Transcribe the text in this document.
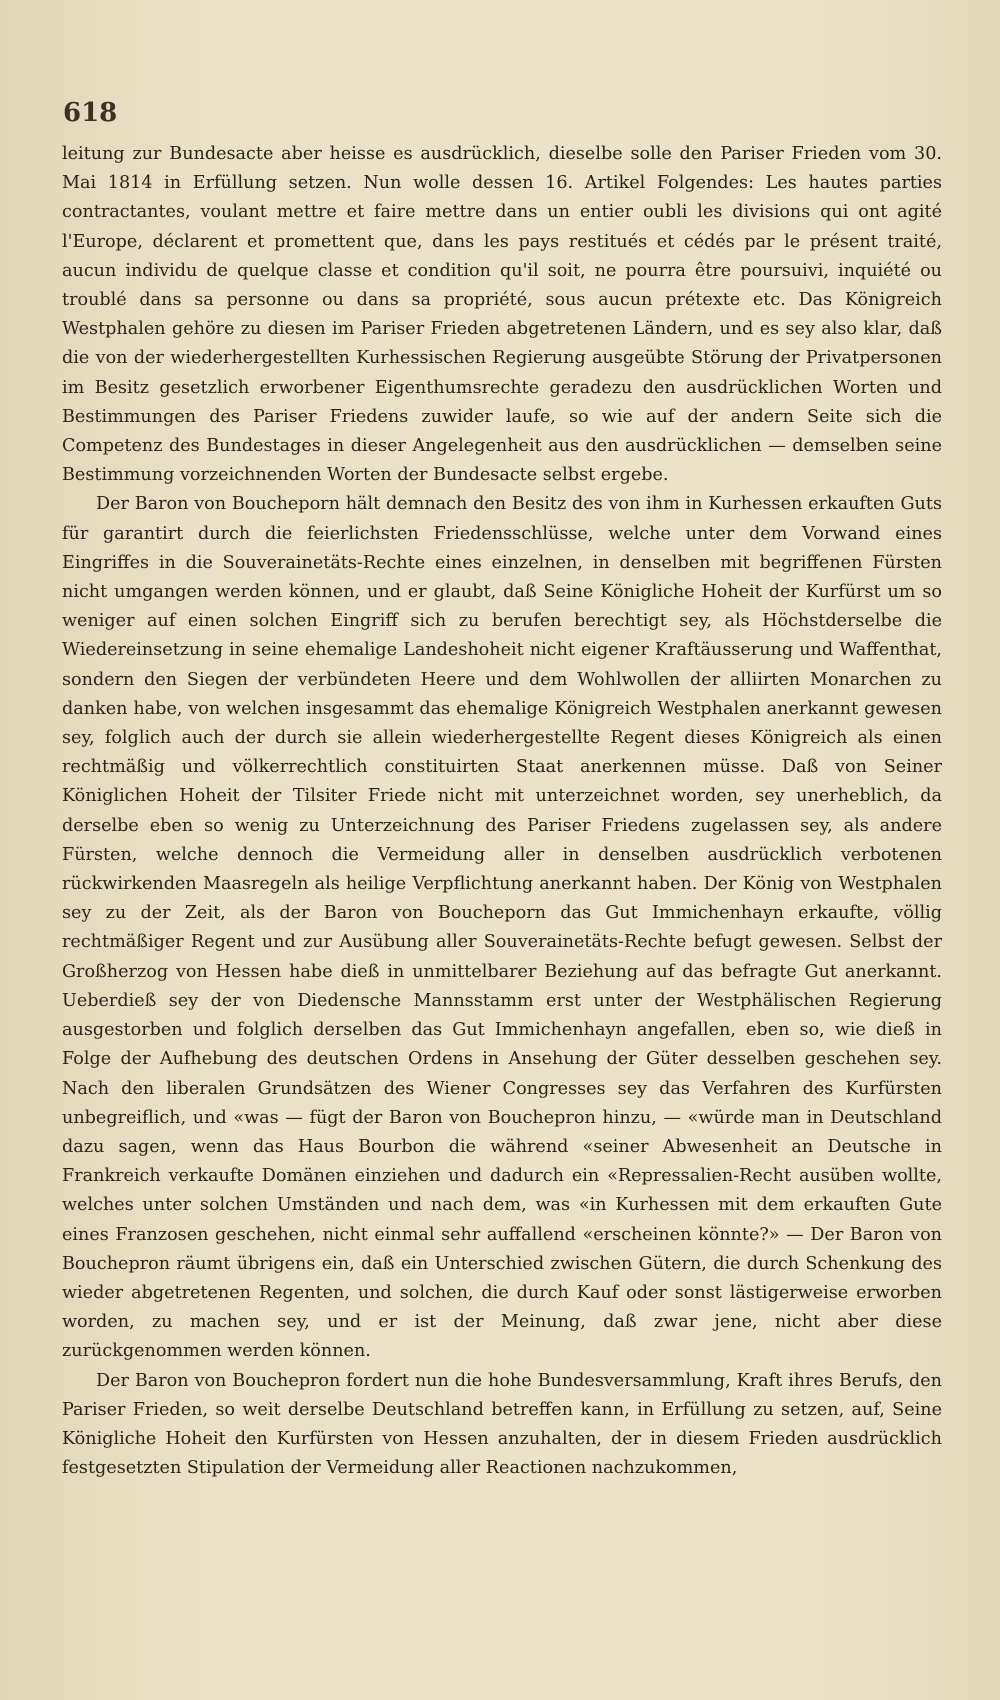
618

leitung zur Bundesacte aber heisse es ausdrücklich, dieselbe solle den Pariser Frieden vom 30. Mai 1814 in Erfüllung setzen. Nun wolle dessen 16. Artikel Folgendes: Les hautes parties contractantes, voulant mettre et faire mettre dans un entier oubli les divisions qui ont agité l'Europe, déclarent et promettent que, dans les pays restitués et cédés par le présent traité, aucun individu de quelque classe et condition qu'il soit, ne pourra être poursuivi, inquiété ou troublé dans sa personne ou dans sa propriété, sous aucun prétexte etc. Das Königreich Westphalen gehöre zu diesen im Pariser Frieden abgetretenen Ländern, und es sey also klar, daß die von der wiederhergestellten Kurhessischen Regierung ausgeübte Störung der Privatpersonen im Besitz gesetzlich erworbener Eigenthumsrechte geradezu den ausdrücklichen Worten und Bestimmungen des Pariser Friedens zuwider laufe, so wie auf der andern Seite sich die Competenz des Bundestages in dieser Angelegenheit aus den ausdrücklichen — demselben seine Bestimmung vorzeichnenden Worten der Bundesacte selbst ergebe.

Der Baron von Boucheporn hält demnach den Besitz des von ihm in Kurhessen erkauften Guts für garantirt durch die feierlichsten Friedensschlüsse, welche unter dem Vorwand eines Eingriffes in die Souverainetäts-Rechte eines einzelnen, in denselben mit begriffenen Fürsten nicht umgangen werden können, und er glaubt, daß Seine Königliche Hoheit der Kurfürst um so weniger auf einen solchen Eingriff sich zu berufen berechtigt sey, als Höchstderselbe die Wiedereinsetzung in seine ehemalige Landeshoheit nicht eigener Kraftäusserung und Waffenthat, sondern den Siegen der verbündeten Heere und dem Wohlwollen der alliirten Monarchen zu danken habe, von welchen insgesammt das ehemalige Königreich Westphalen anerkannt gewesen sey, folglich auch der durch sie allein wiederhergestellte Regent dieses Königreich als einen rechtmäßig und völkerrechtlich constituirten Staat anerkennen müsse. Daß von Seiner Königlichen Hoheit der Tilsiter Friede nicht mit unterzeichnet worden, sey unerheblich, da derselbe eben so wenig zu Unterzeichnung des Pariser Friedens zugelassen sey, als andere Fürsten, welche dennoch die Vermeidung aller in denselben ausdrücklich verbotenen rückwirkenden Maasregeln als heilige Verpflichtung anerkannt haben. Der König von Westphalen sey zu der Zeit, als der Baron von Boucheporn das Gut Immichenhayn erkaufte, völlig rechtmäßiger Regent und zur Ausübung aller Souverainetäts-Rechte befugt gewesen. Selbst der Großherzog von Hessen habe dieß in unmittelbarer Beziehung auf das befragte Gut anerkannt. Ueberdieß sey der von Diedensche Mannsstamm erst unter der Westphälischen Regierung ausgestorben und folglich derselben das Gut Immichenhayn angefallen, eben so, wie dieß in Folge der Aufhebung des deutschen Ordens in Ansehung der Güter desselben geschehen sey. Nach den liberalen Grundsätzen des Wiener Congresses sey das Verfahren des Kurfürsten unbegreiflich, und «was — fügt der Baron von Bouchepron hinzu, — «würde man in Deutschland dazu sagen, wenn das Haus Bourbon die während «seiner Abwesenheit an Deutsche in Frankreich verkaufte Domänen einziehen und dadurch ein «Repressalien-Recht ausüben wollte, welches unter solchen Umständen und nach dem, was «in Kurhessen mit dem erkauften Gute eines Franzosen geschehen, nicht einmal sehr auffallend «erscheinen könnte?» — Der Baron von Bouchepron räumt übrigens ein, daß ein Unterschied zwischen Gütern, die durch Schenkung des wieder abgetretenen Regenten, und solchen, die durch Kauf oder sonst lästigerweise erworben worden, zu machen sey, und er ist der Meinung, daß zwar jene, nicht aber diese zurückgenommen werden können.

Der Baron von Bouchepron fordert nun die hohe Bundesversammlung, Kraft ihres Berufs, den Pariser Frieden, so weit derselbe Deutschland betreffen kann, in Erfüllung zu setzen, auf, Seine Königliche Hoheit den Kurfürsten von Hessen anzuhalten, der in diesem Frieden ausdrücklich festgesetzten Stipulation der Vermeidung aller Reactionen nachzukommen,
